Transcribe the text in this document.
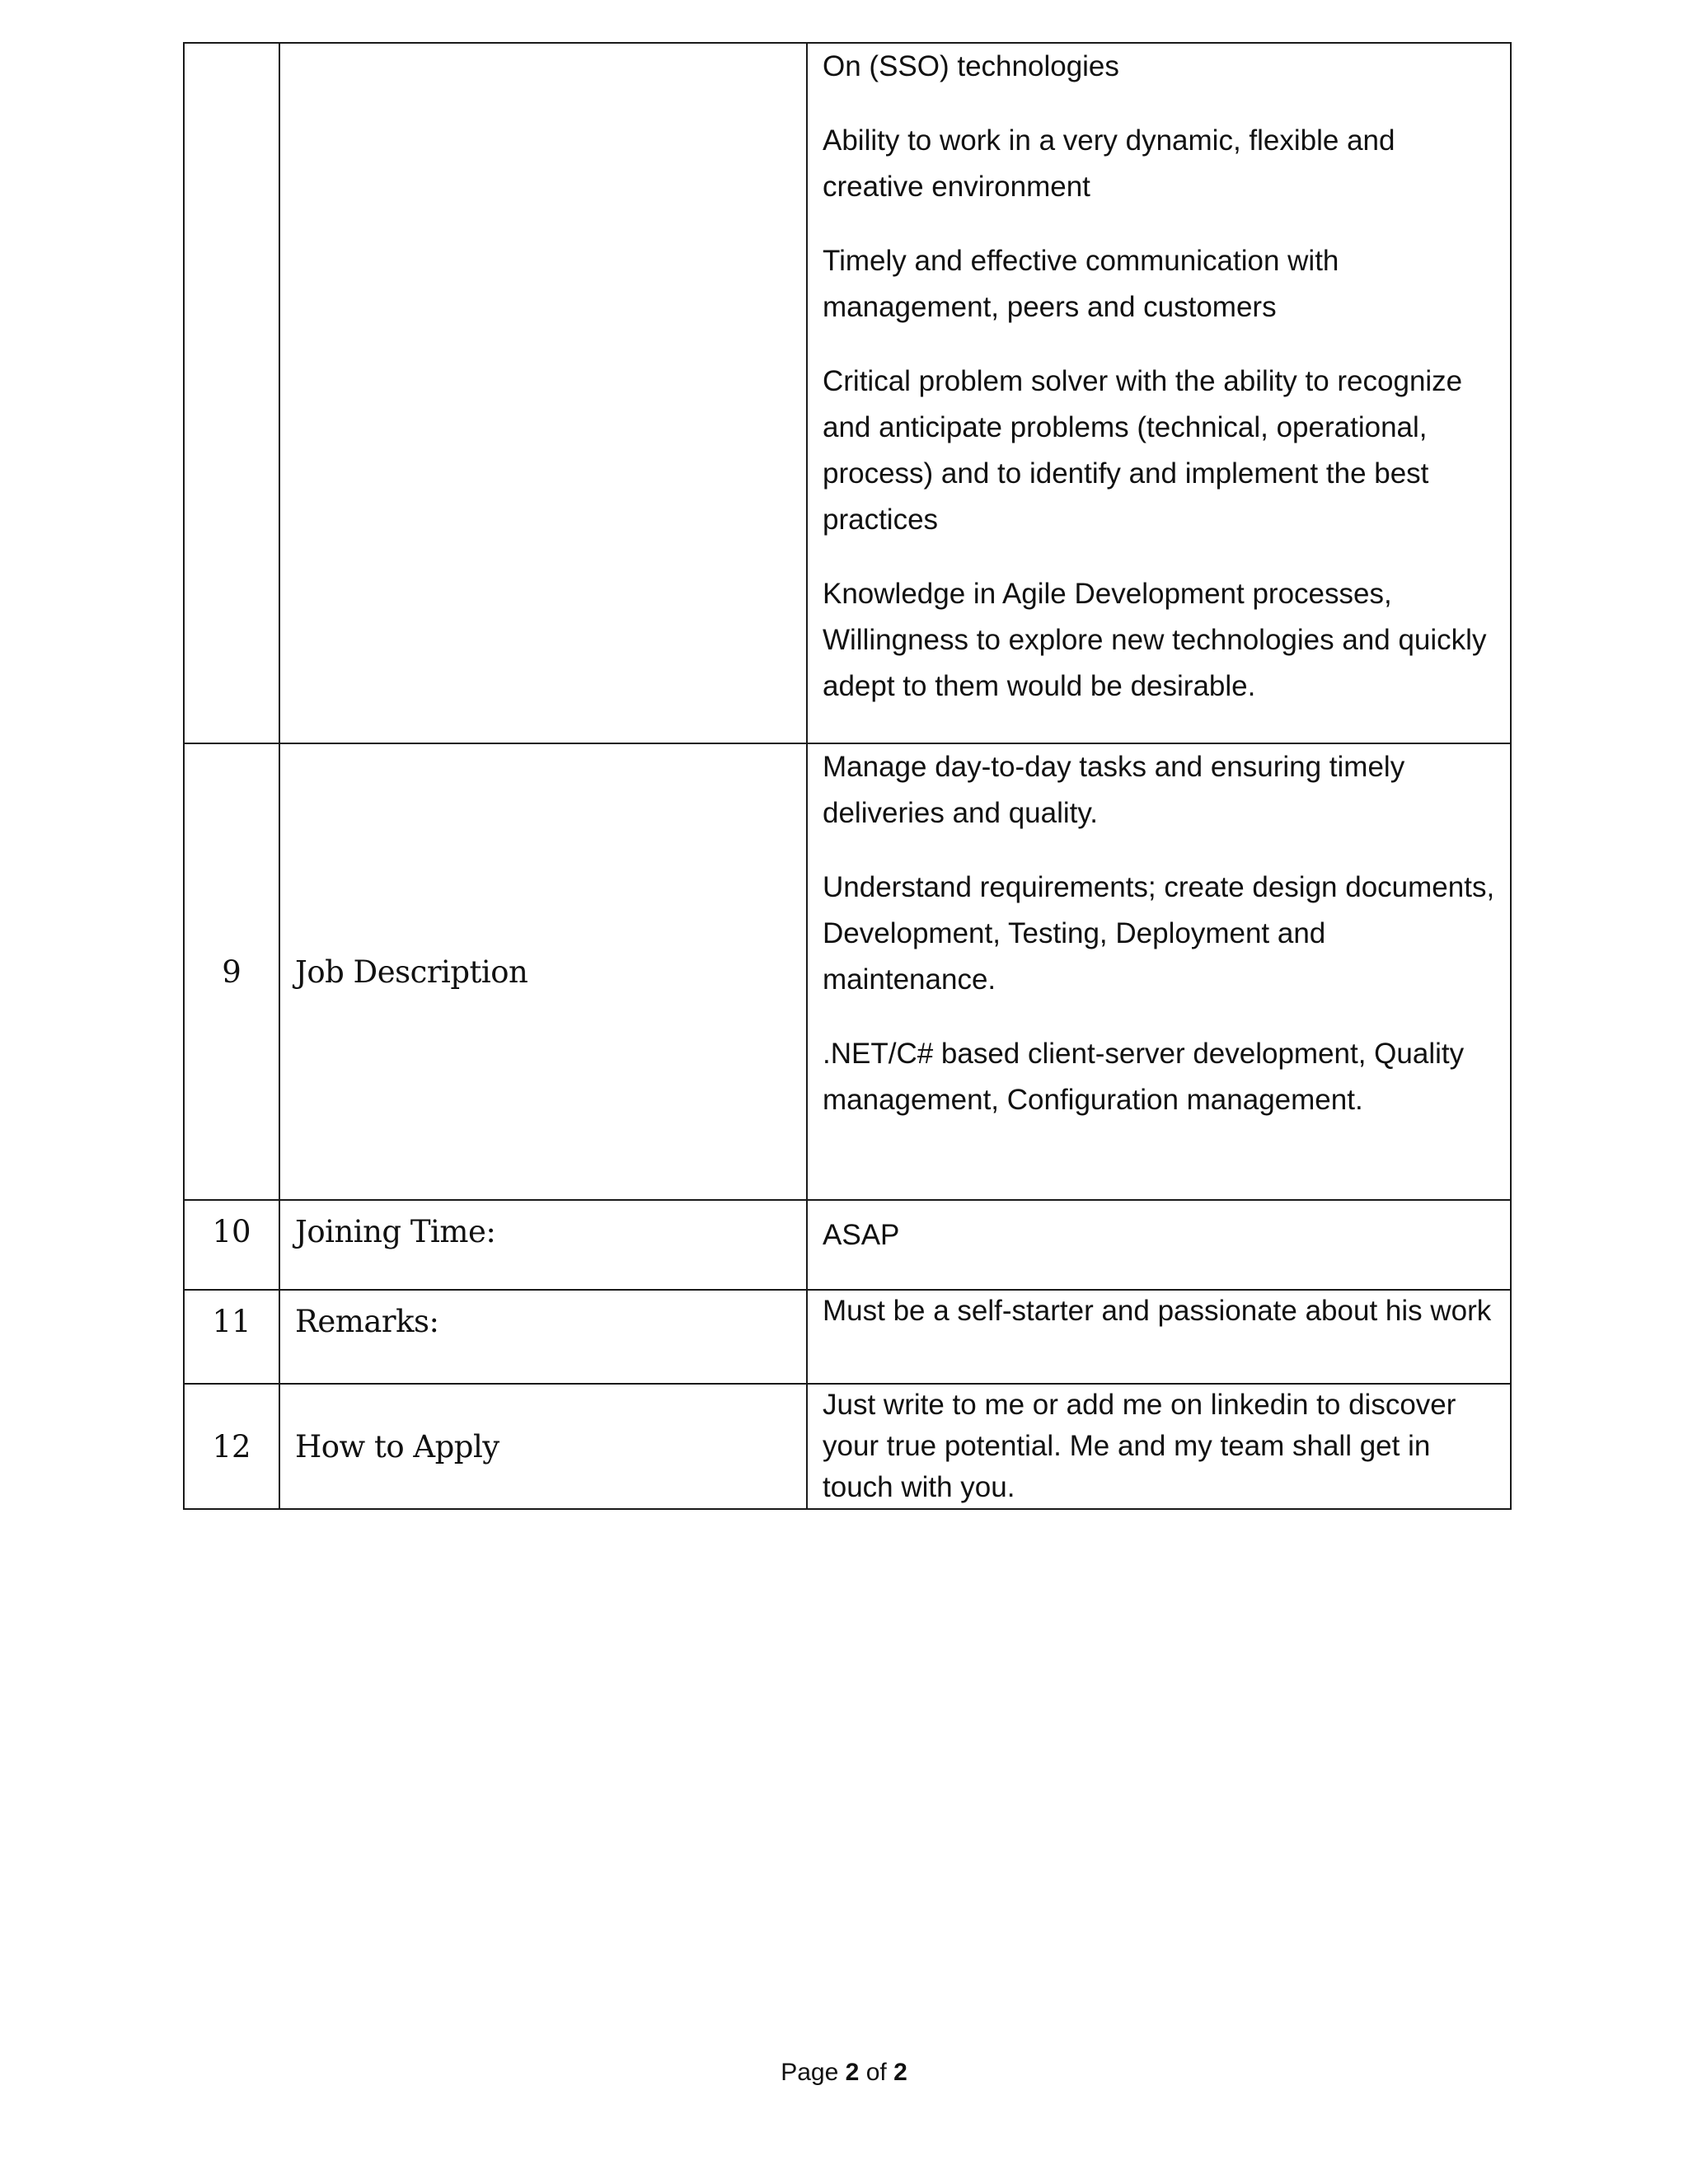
		On (SSO) technologies

Ability to work in a very dynamic, flexible and creative environment

Timely and effective communication with management, peers and customers

Critical problem solver with the ability to recognize and anticipate problems (technical, operational, process) and to identify and implement the best practices

Knowledge in Agile Development processes, Willingness to explore new technologies and quickly adept to them would be desirable.

9	Job Description	Manage day-to-day tasks and ensuring timely deliveries and quality.

Understand requirements; create design documents, Development, Testing, Deployment and maintenance.

.NET/C# based client-server development, Quality management, Configuration management.

10	Joining Time:	ASAP
11	Remarks:	Must be a self-starter and passionate about his work
12	How to Apply	Just write to me or add me on linkedin to discover your true potential. Me and my team shall get in touch with you.
Page 2 of 2
